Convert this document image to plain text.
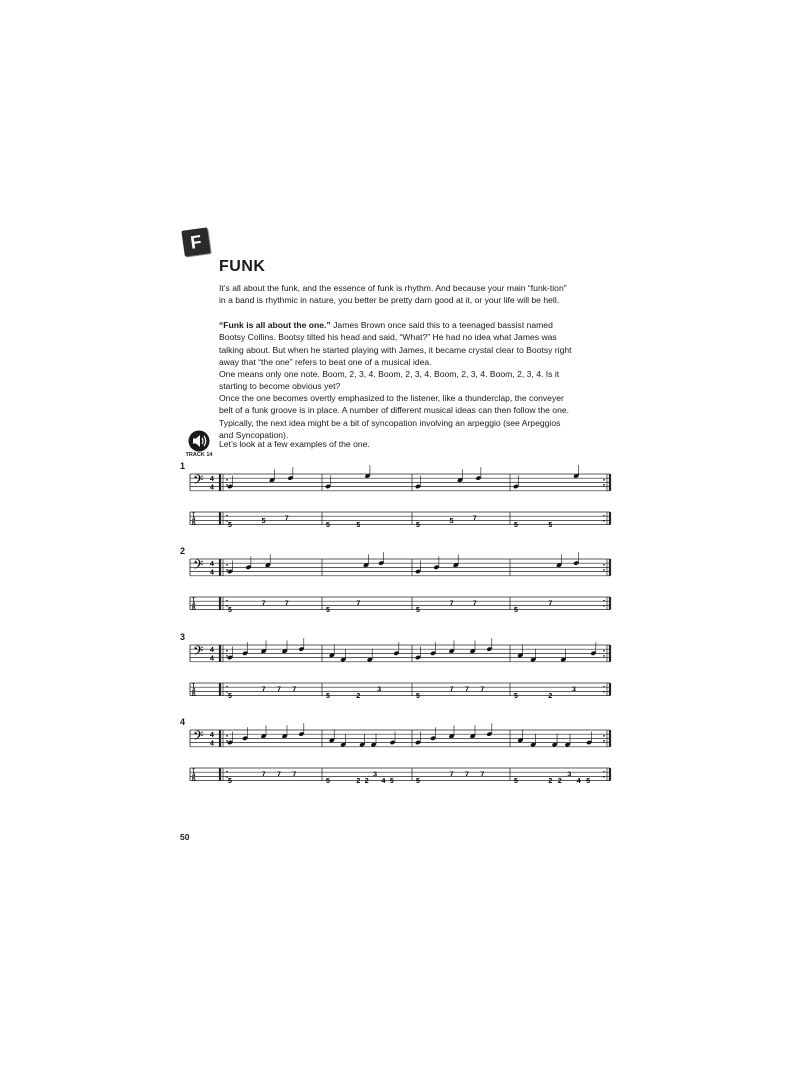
F
FUNK

It’s all about the funk, and the essence of funk is rhythm. And because your main “funk-tion” in a band is rhythmic in nature, you better be pretty darn good at it, or your life will be hell.

“Funk is all about the one.” James Brown once said this to a teenaged bassist named Bootsy Collins. Bootsy tilted his head and said, “What?” He had no idea what James was talking about. But when he started playing with James, it became crystal clear to Bootsy right away that “the one” refers to beat one of a musical idea.

One means only one note. Boom, 2, 3, 4. Boom, 2, 3, 4. Boom, 2, 3, 4. Boom, 2, 3, 4. Is it starting to become obvious yet?

Once the one becomes overtly emphasized to the listener, like a thunderclap, the conveyer belt of a funk groove is in place. A number of different musical ideas can then follow the one. Typically, the next idea might be a bit of syncopation involving an arpeggio (see Arpeggios and Syncopation).

TRACK 14

Let’s look at a few examples of the one.

1
𝄢 4
4
T
A
B	5
5	7
5	5	5
5	7
5	5
2
𝄢 4
4
T
A
B	5
7	7
5
7
5
7	7
5
7
3
𝄢 4
4
T
A
B	5
7 7 7
5	2
3
5
7 7 7
5	2
3
4
𝄢 4
4
T
A
B	5
7 7 7
5	2 2
3
4 5	5
7 7 7
5	2 2
3
4 5
50
